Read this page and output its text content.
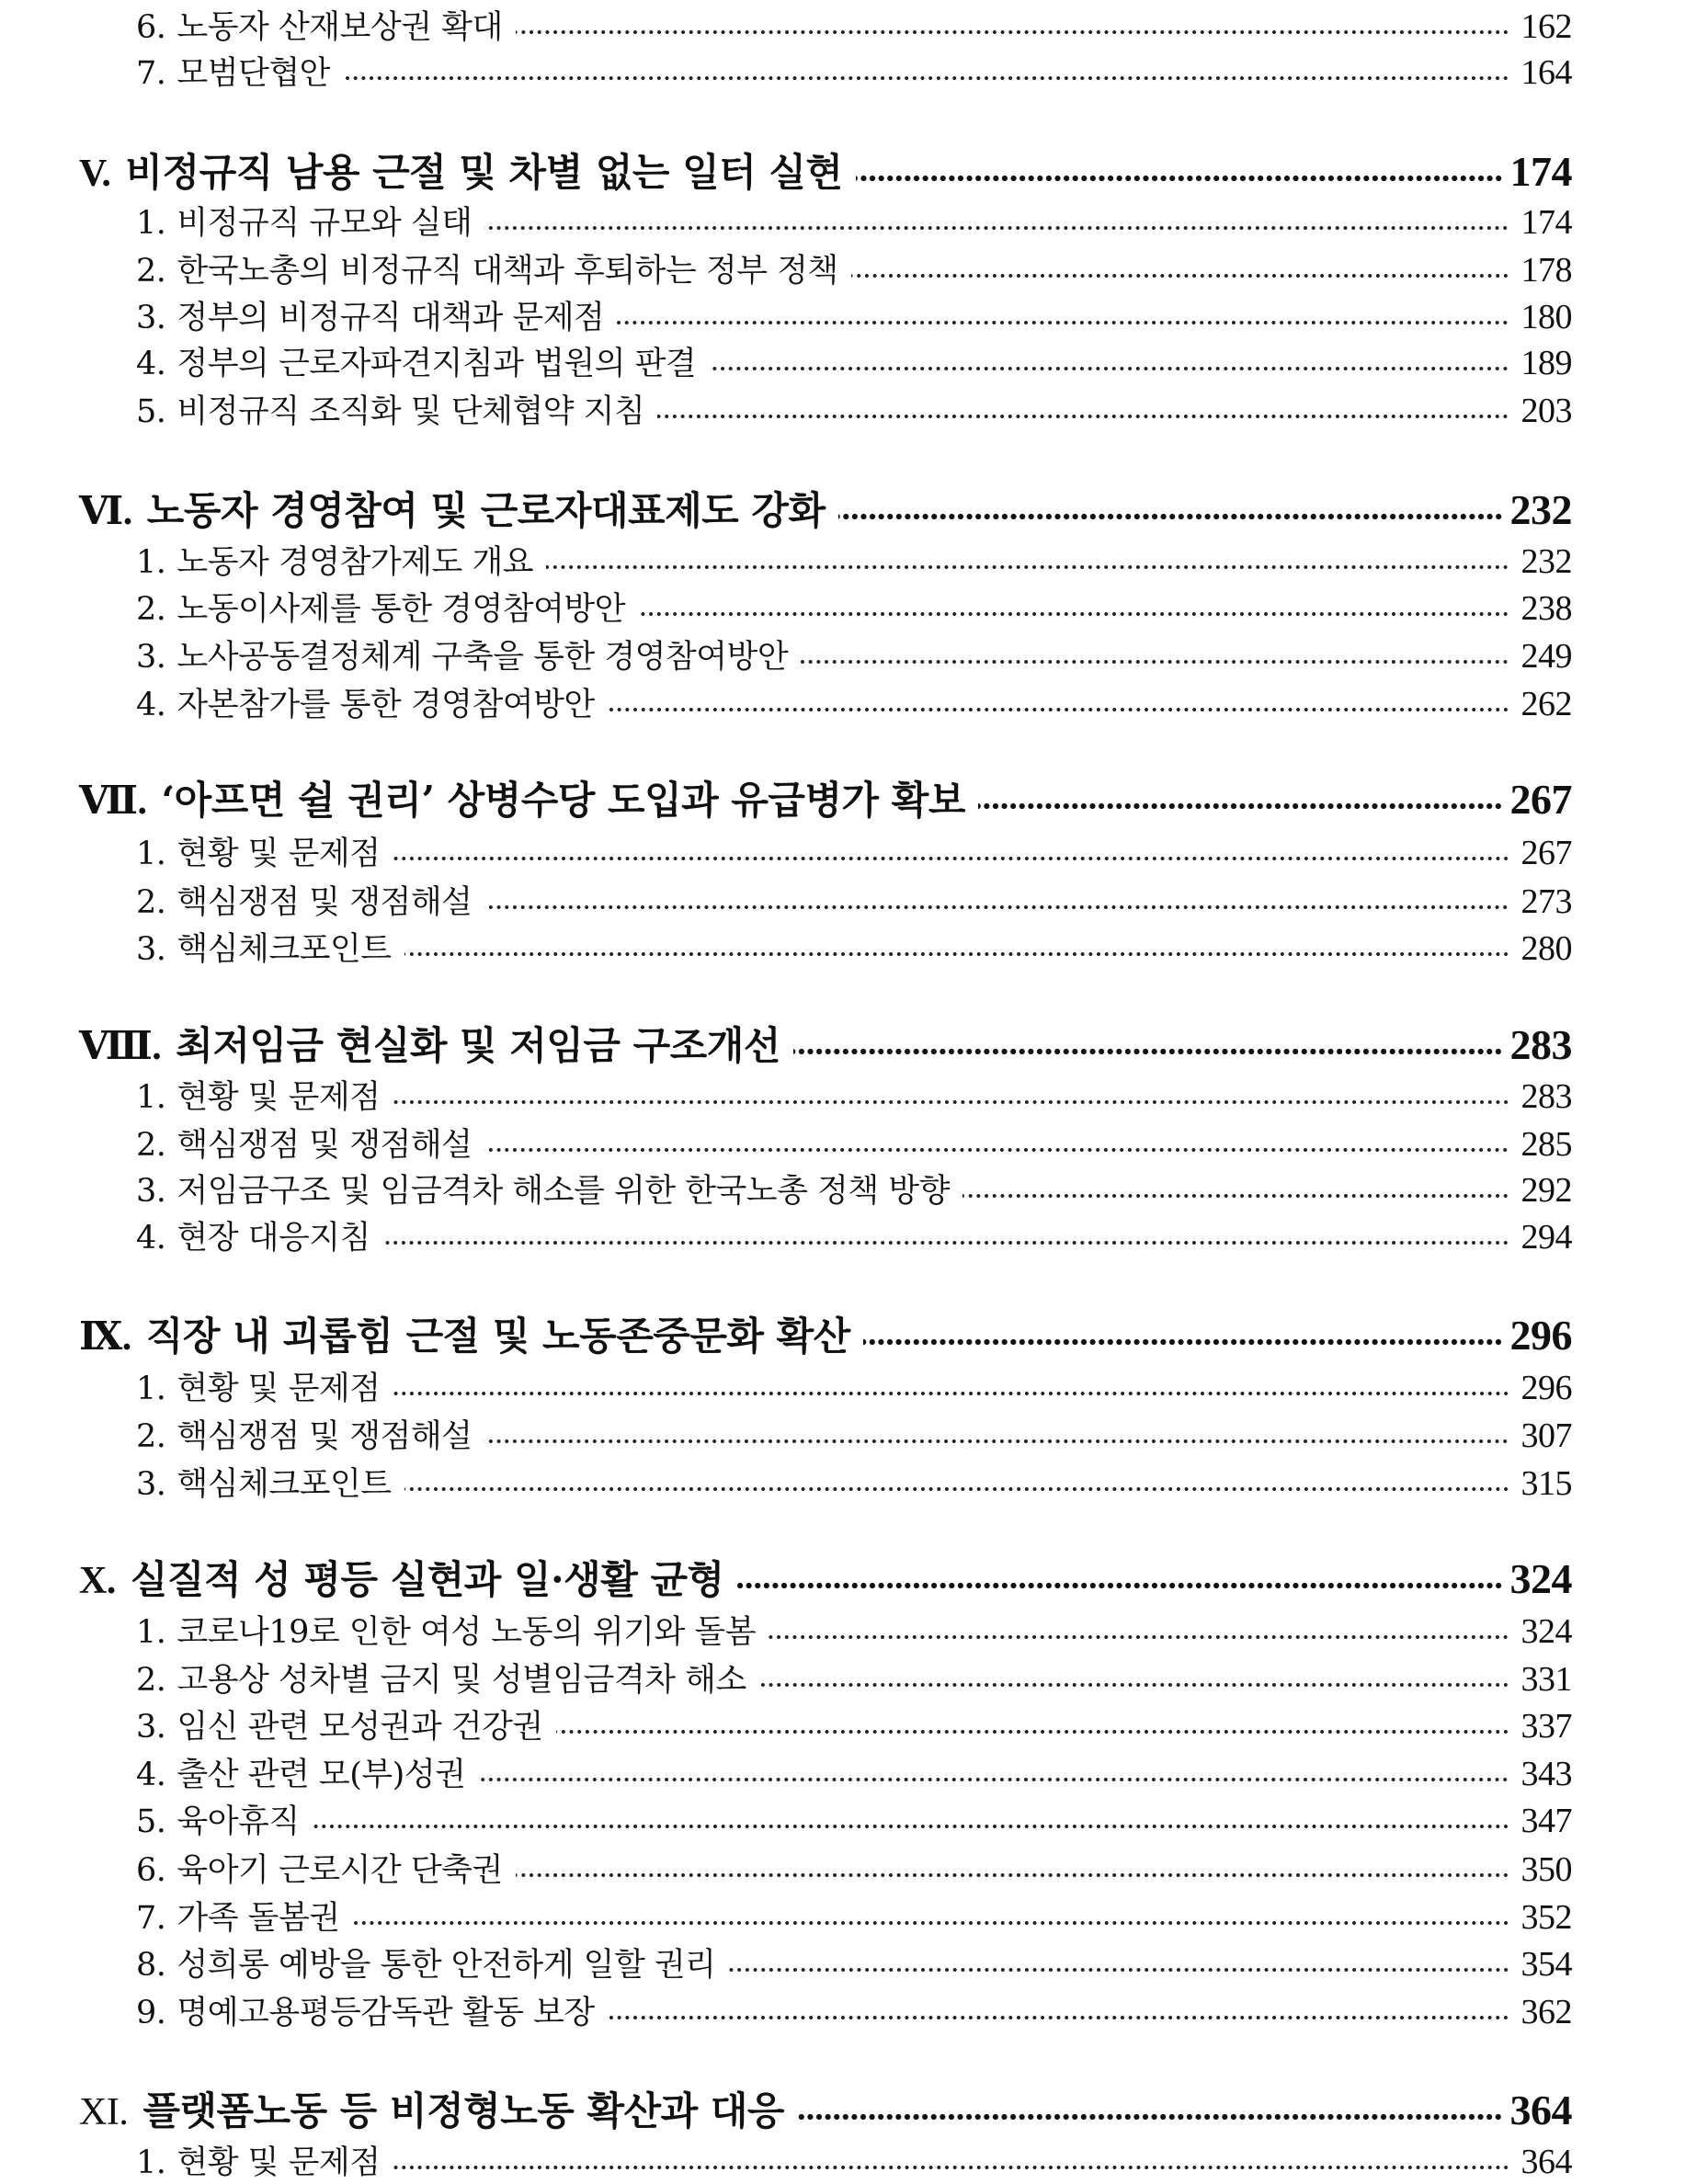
6. 노동자 산재보상권 확대	162
7. 모범단협안	164
V. 비정규직 남용 근절 및 차별 없는 일터 실현	174
1. 비정규직 규모와 실태	174
2. 한국노총의 비정규직 대책과 후퇴하는 정부 정책	178
3. 정부의 비정규직 대책과 문제점	180
4. 정부의 근로자파견지침과 법원의 판결	189
5. 비정규직 조직화 및 단체협약 지침	203
Ⅵ. 노동자 경영참여 및 근로자대표제도 강화	232
1. 노동자 경영참가제도 개요	232
2. 노동이사제를 통한 경영참여방안	238
3. 노사공동결정체계 구축을 통한 경영참여방안	249
4. 자본참가를 통한 경영참여방안	262
Ⅶ. ‘아프면 쉴 권리’ 상병수당 도입과 유급병가 확보	267
1. 현황 및 문제점	267
2. 핵심쟁점 및 쟁점해설	273
3. 핵심체크포인트	280
Ⅷ. 최저임금 현실화 및 저임금 구조개선	283
1. 현황 및 문제점	283
2. 핵심쟁점 및 쟁점해설	285
3. 저임금구조 및 임금격차 해소를 위한 한국노총 정책 방향	292
4. 현장 대응지침	294
Ⅸ. 직장 내 괴롭힘 근절 및 노동존중문화 확산	296
1. 현황 및 문제점	296
2. 핵심쟁점 및 쟁점해설	307
3. 핵심체크포인트	315
X. 실질적 성 평등 실현과 일·생활 균형	324
1. 코로나19로 인한 여성 노동의 위기와 돌봄	324
2. 고용상 성차별 금지 및 성별임금격차 해소	331
3. 임신 관련 모성권과 건강권	337
4. 출산 관련 모(부)성권	343
5. 육아휴직	347
6. 육아기 근로시간 단축권	350
7. 가족 돌봄권	352
8. 성희롱 예방을 통한 안전하게 일할 권리	354
9. 명예고용평등감독관 활동 보장	362
XI. 플랫폼노동 등 비정형노동 확산과 대응	364
1. 현황 및 문제점	364
